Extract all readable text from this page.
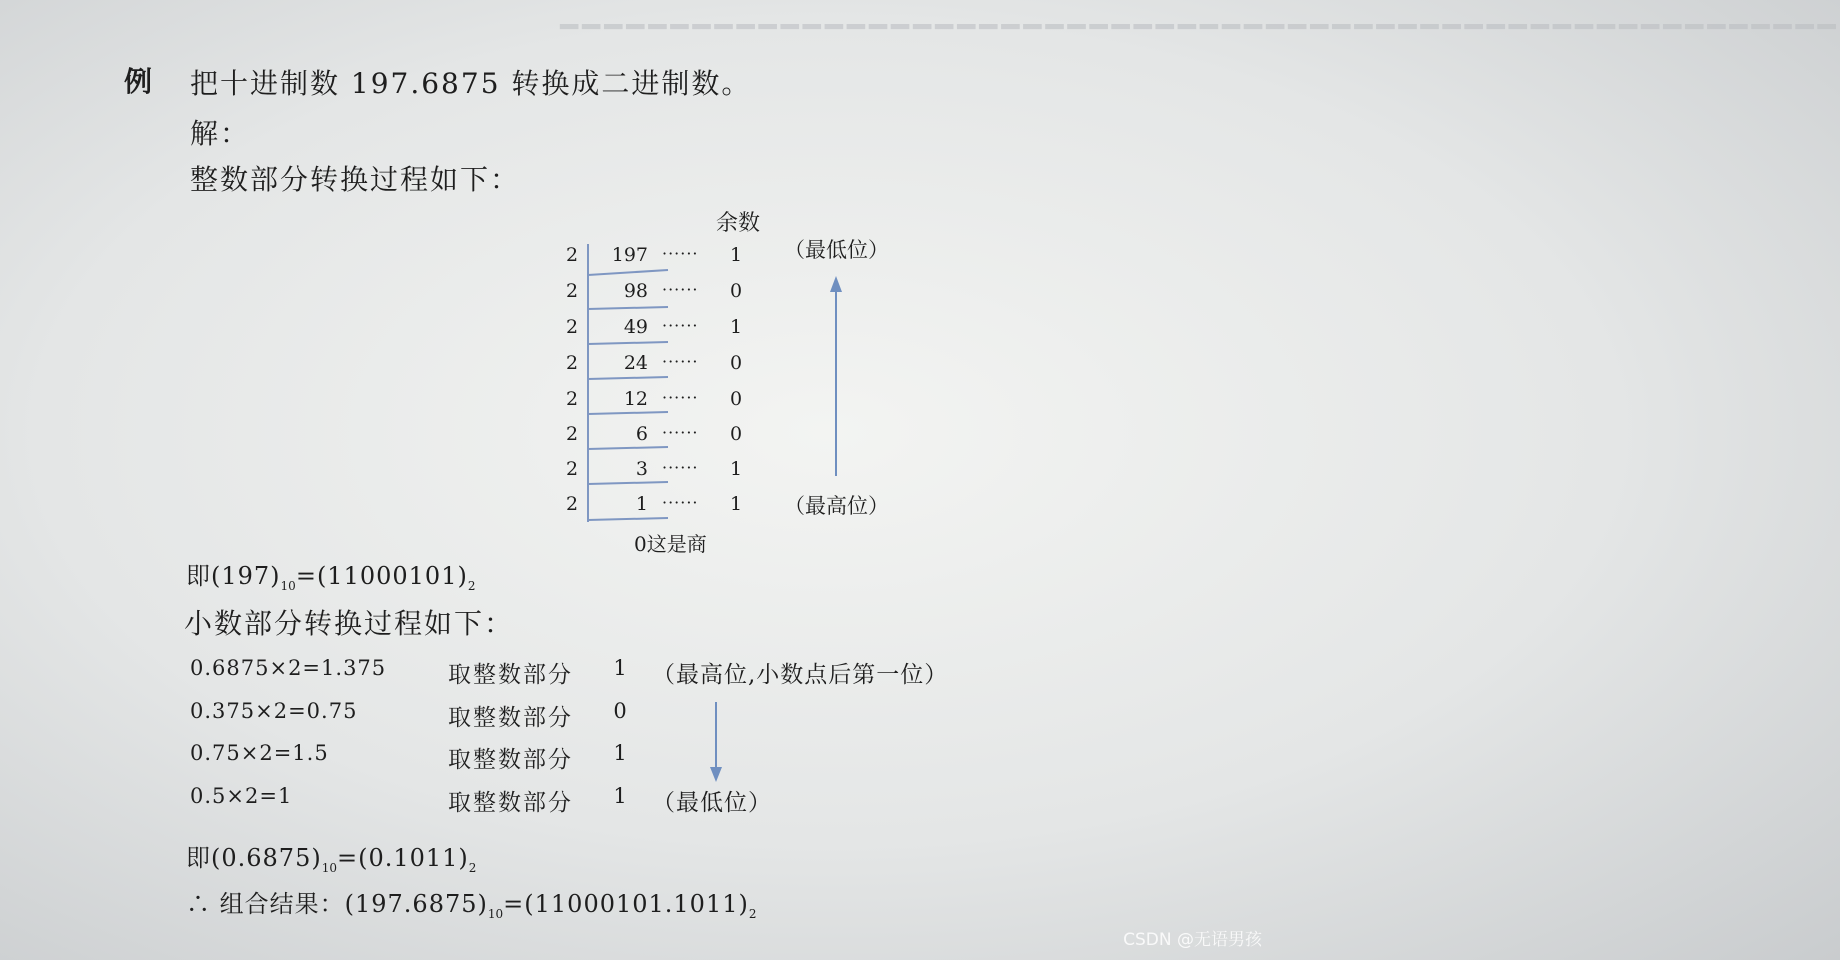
━━━━━━━━━━━━━━━━━━━━━━━━━━━━━━━━━━━━━━━━━━━━━━━━━━━━━━━━━━
例 把十进制数 197.6875 转换成二进制数。
解：
整数部分转换过程如下：
余数
2	197 ······ 1
2	98 ······ 0
2	49 ······ 1
2	24 ······ 0
2	12 ······ 0
2	6 ······ 0
2	3 ······ 1
2	1 ······ 1
（最低位）
（最高位）
0这是商
即$(197)_{10}=(11000101)_2$
小数部分转换过程如下：
0.6875×2=1.375	取整数部分 1 （最高位,小数点后第一位）
0.375×2=0.75	取整数部分 0
0.75×2=1.5	取整数部分 1
0.5×2=1	取整数部分 1 （最低位）
即$(0.6875)_{10}=(0.1011)_2$
∴ 组合结果：$(197.6875)_{10}=(11000101.1011)_2$
CSDN @无语男孩
